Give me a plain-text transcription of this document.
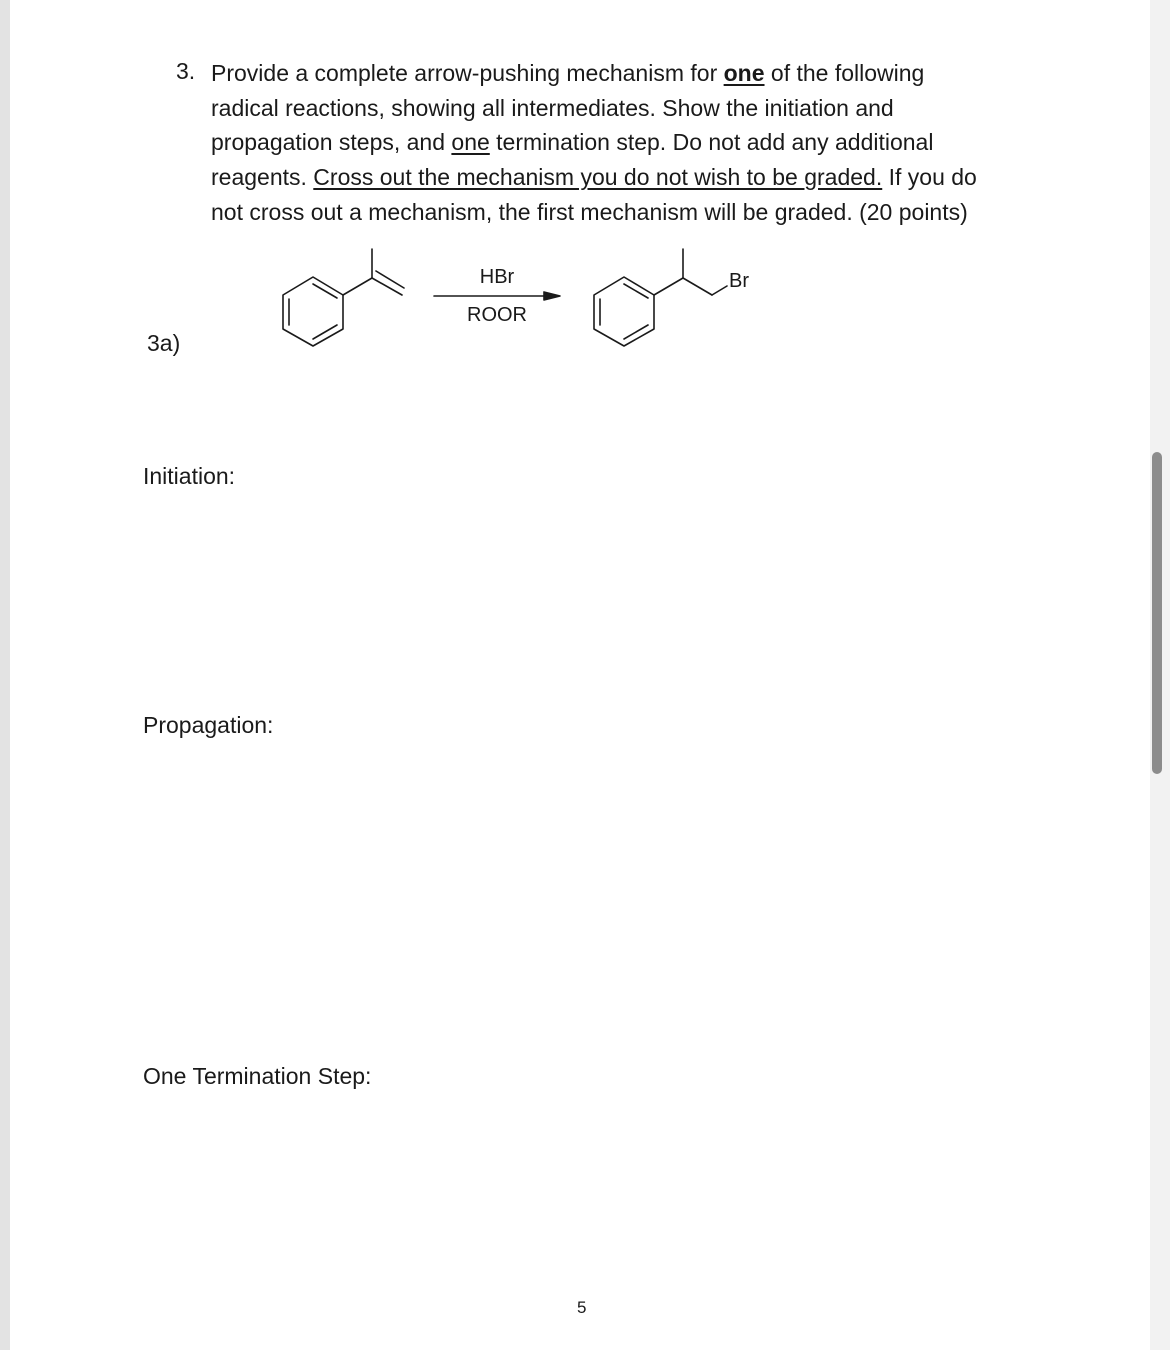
3. Provide a complete arrow-pushing mechanism for one of the following
radical reactions, showing all intermediates. Show the initiation and
propagation steps, and one termination step. Do not add any additional
reagents. Cross out the mechanism you do not wish to be graded. If you do
not cross out a mechanism, the first mechanism will be graded. (20 points)
HBr
ROOR
Br
3a)
Initiation:
Propagation:
One Termination Step:
5
